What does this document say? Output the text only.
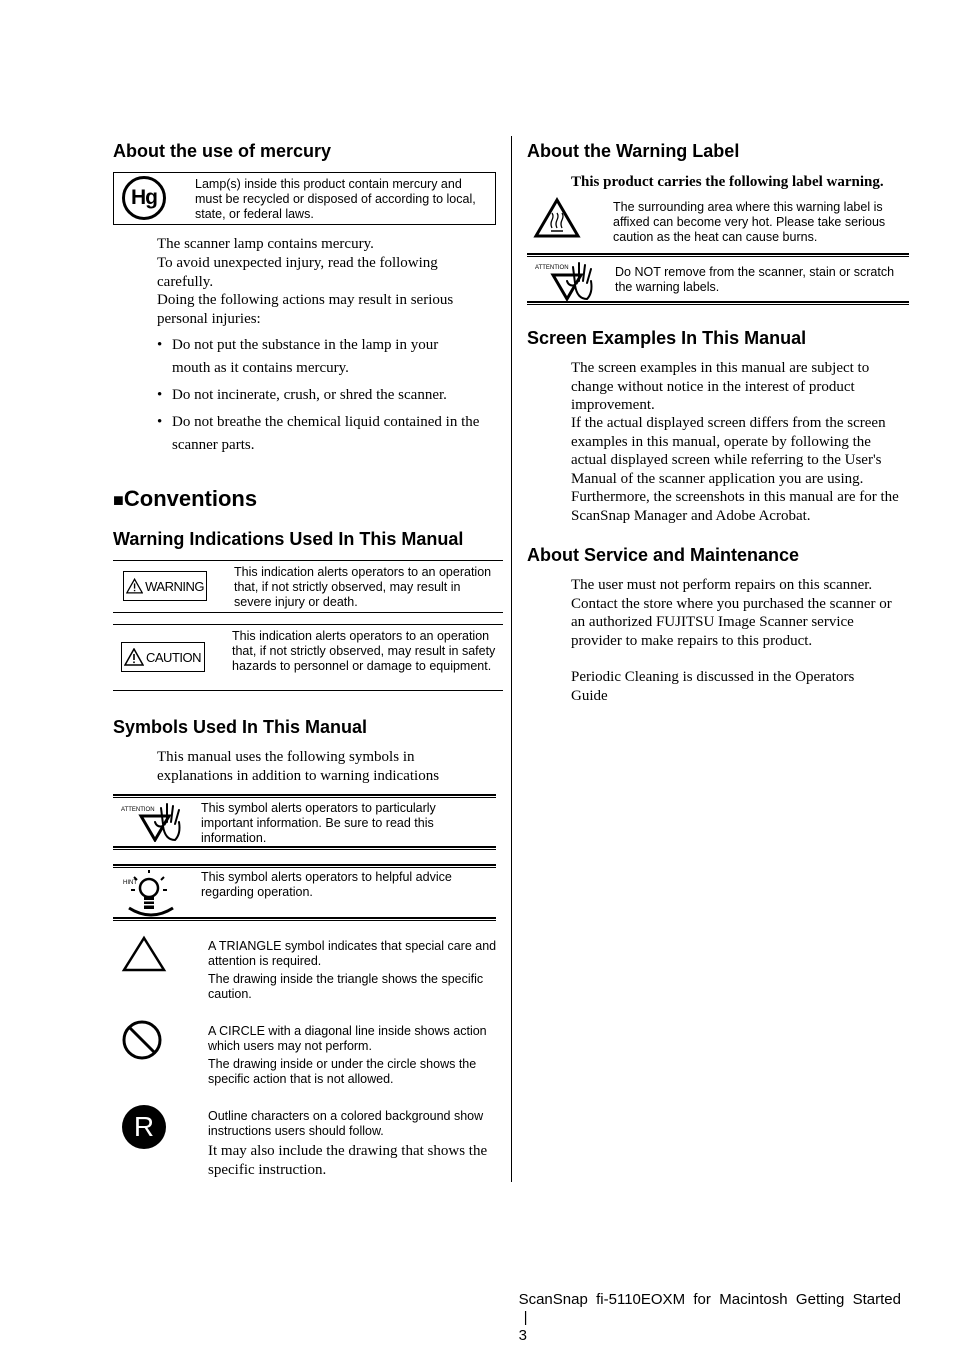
About the use of mercury
Hg
Lamp(s) inside this product contain mercury and must be recycled or disposed of according to local, state, or federal laws.
The scanner lamp contains mercury.
To avoid unexpected injury, read the following carefully.
Doing the following actions may result in serious personal injuries:
• Do not put the substance in the lamp in your mouth as it contains mercury.
• Do not incinerate, crush, or shred the scanner.
• Do not breathe the chemical liquid contained in the scanner parts.
■Conventions
Warning Indications Used In This Manual
WARNING
This indication alerts operators to an operation that, if not strictly observed, may result in severe injury or death.
CAUTION
This indication alerts operators to an operation that, if not strictly observed, may result in safety hazards to personnel or damage to equipment.
Symbols Used In This Manual
This manual uses the following symbols in explanations in addition to warning indications
ATTENTION	This symbol alerts operators to particularly important information. Be sure to read this information.
HINT	This symbol alerts operators to helpful advice regarding operation.
A TRIANGLE symbol indicates that special care and attention is required.
The drawing inside the triangle shows the specific caution.
A CIRCLE with a diagonal line inside shows action which users may not perform.
The drawing inside or under the circle shows the specific action that is not allowed.
R	Outline characters on a colored background show instructions users should follow.
It may also include the drawing that shows the specific instruction.
About the Warning Label
This product carries the following label warning.
The surrounding area where this warning label is affixed can become very hot. Please take serious caution as the heat can cause burns.
ATTENTION	Do NOT remove from the scanner, stain or scratch the warning labels.
Screen Examples In This Manual
The screen examples in this manual are subject to change without notice in the interest of product improvement.
If the actual displayed screen differs from the screen examples in this manual, operate by following the actual displayed screen while referring to the User's Manual of the scanner application you are using.
Furthermore, the screenshots in this manual are for the ScanSnap Manager and Adobe Acrobat.
About Service and Maintenance
The user must not perform repairs on this scanner. Contact the store where you purchased the scanner or an authorized FUJITSU Image Scanner service provider to make repairs to this product.
Periodic Cleaning is discussed in the Operators Guide

ScanSnap  fi-5110EOXM  for  Macintosh  Getting  Started
|
3
